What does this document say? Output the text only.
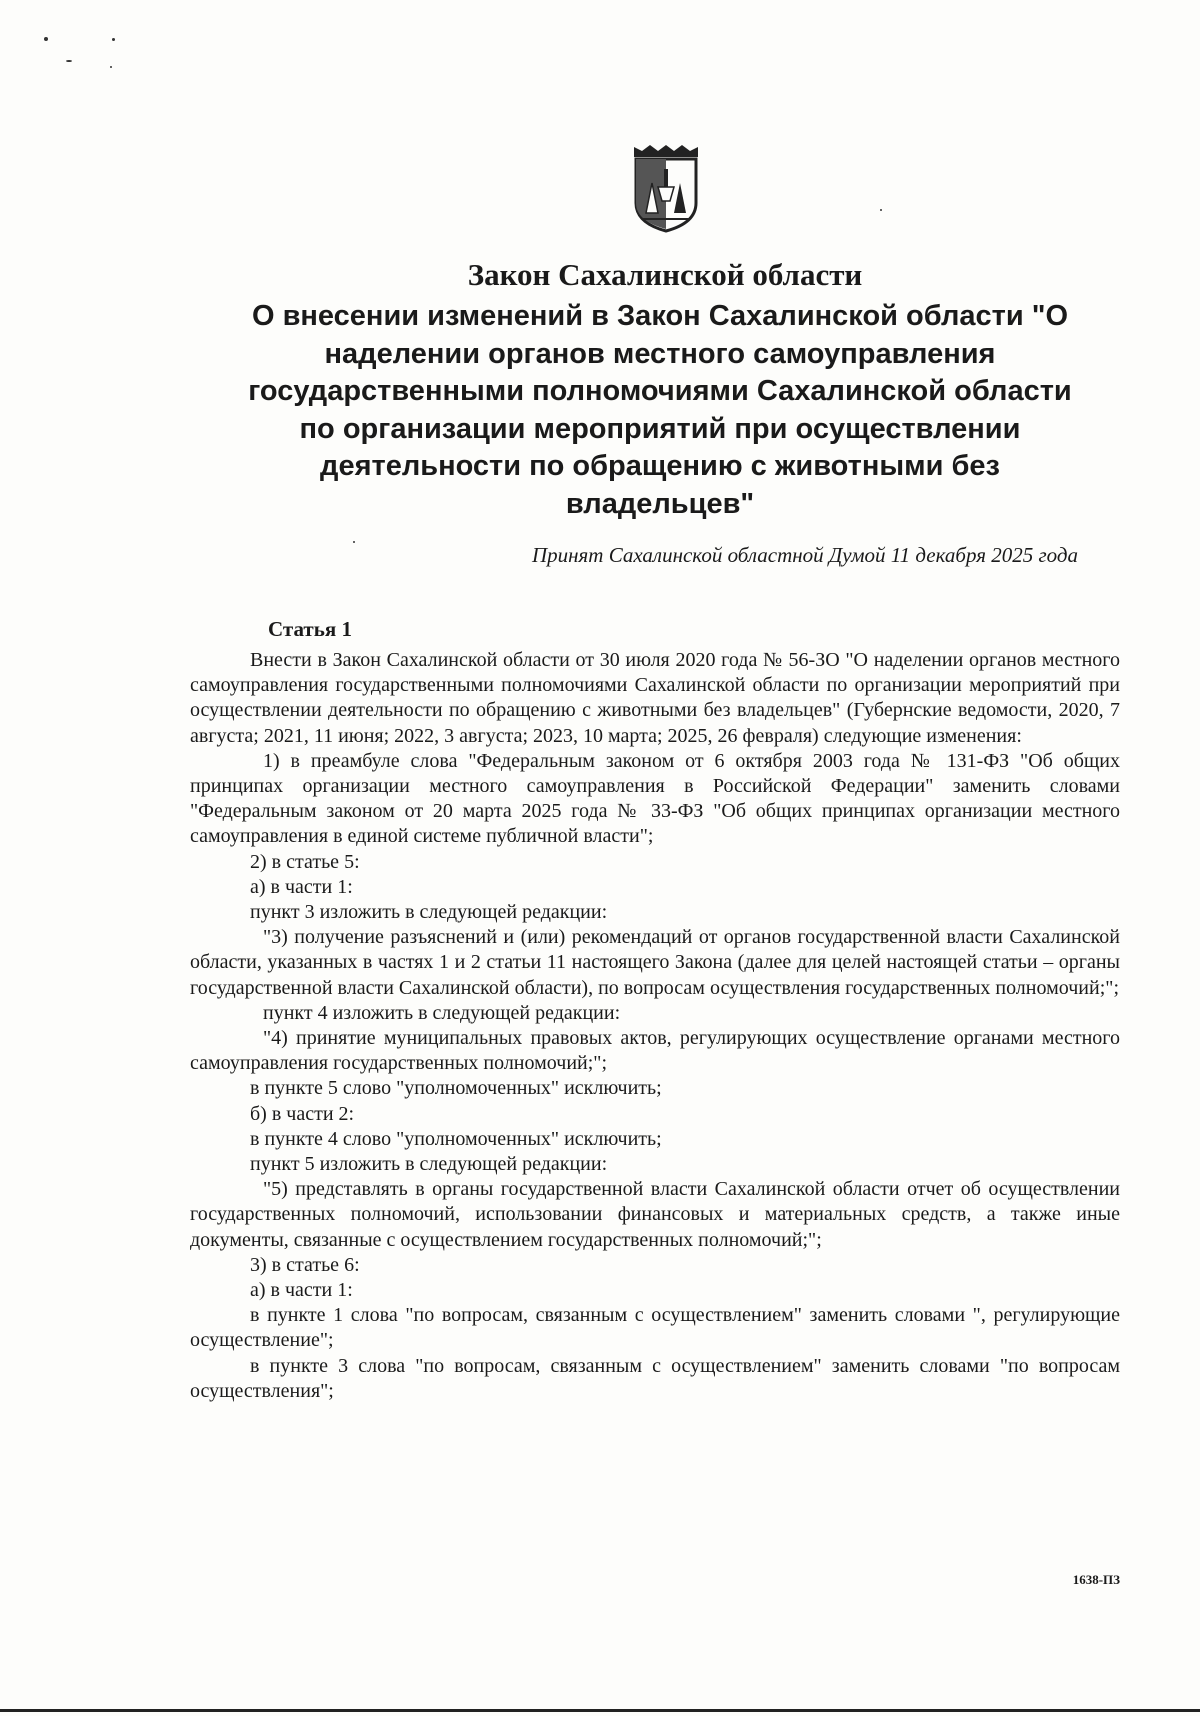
Закон Сахалинской области
О внесении изменений в Закон Сахалинской области "О наделении органов местного самоуправления государственными полномочиями Сахалинской области по организации мероприятий при осуществлении деятельности по обращению с животными без владельцев"
Принят Сахалинской областной Думой 11 декабря 2025 года
Статья 1

Внести в Закон Сахалинской области от 30 июля 2020 года № 56-ЗО "О наделении органов местного самоуправления государственными полномочиями Сахалинской области по организации мероприятий при осуществлении деятельности по обращению с животными без владельцев" (Губернские ведомости, 2020, 7 августа; 2021, 11 июня; 2022, 3 августа; 2023, 10 марта; 2025, 26 февраля) следующие изменения:

1) в преамбуле слова "Федеральным законом от 6 октября 2003 года № 131-ФЗ "Об общих принципах организации местного самоуправления в Российской Федерации" заменить словами "Федеральным законом от 20 марта 2025 года № 33-ФЗ "Об общих принципах организации местного самоуправления в единой системе публичной власти";

2) в статье 5:

а) в части 1:

пункт 3 изложить в следующей редакции:

"3) получение разъяснений и (или) рекомендаций от органов государственной власти Сахалинской области, указанных в частях 1 и 2 статьи 11 настоящего Закона (далее для целей настоящей статьи – органы государственной власти Сахалинской области), по вопросам осуществления государственных полномочий;";

пункт 4 изложить в следующей редакции:

"4) принятие муниципальных правовых актов, регулирующих осуществление органами местного самоуправления государственных полномочий;";

в пункте 5 слово "уполномоченных" исключить;

б) в части 2:

в пункте 4 слово "уполномоченных" исключить;

пункт 5 изложить в следующей редакции:

"5) представлять в органы государственной власти Сахалинской области отчет об осуществлении государственных полномочий, использовании финансовых и материальных средств, а также иные документы, связанные с осуществлением государственных полномочий;";

3) в статье 6:

а) в части 1:

в пункте 1 слова "по вопросам, связанным с осуществлением" заменить словами ", регулирующие осуществление";

в пункте 3 слова "по вопросам, связанным с осуществлением" заменить словами "по вопросам осуществления";

1638-ПЗ
